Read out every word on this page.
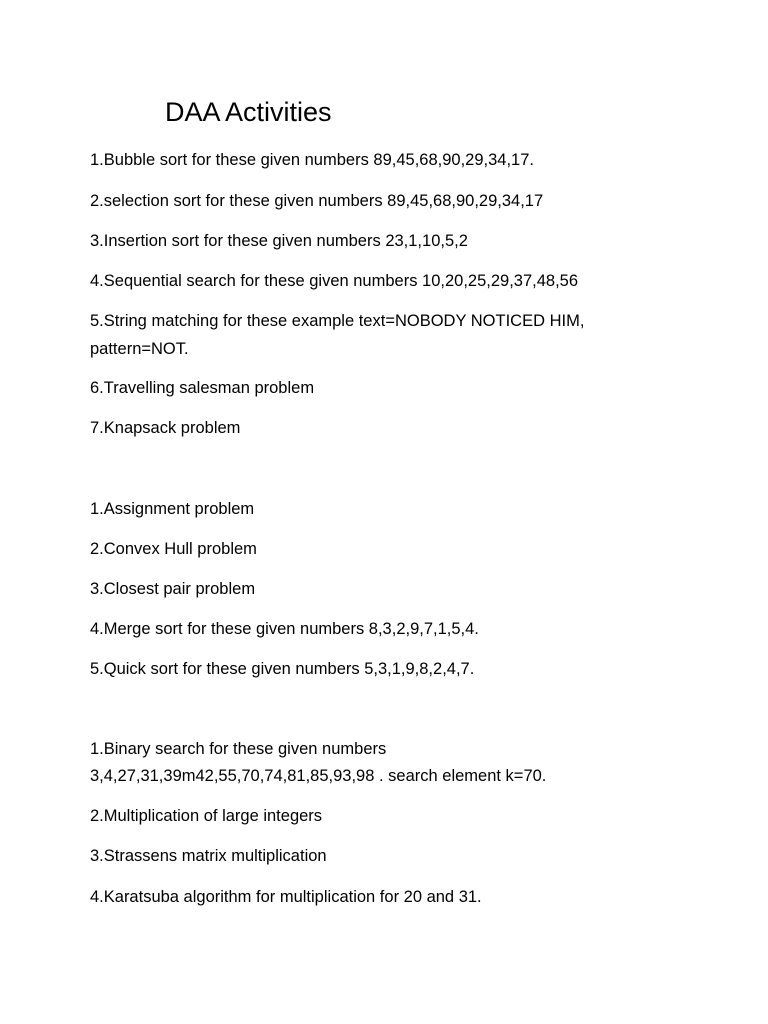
DAA Activities
1.Bubble sort for these given numbers 89,45,68,90,29,34,17.
2.selection sort for these given numbers 89,45,68,90,29,34,17
3.Insertion sort for these given numbers 23,1,10,5,2
4.Sequential search for these given numbers 10,20,25,29,37,48,56
5.String matching for these example text=NOBODY NOTICED HIM,
pattern=NOT.
6.Travelling salesman problem
7.Knapsack problem
1.Assignment problem
2.Convex Hull problem
3.Closest pair problem
4.Merge sort for these given numbers 8,3,2,9,7,1,5,4.
5.Quick sort for these given numbers 5,3,1,9,8,2,4,7.
1.Binary search for these given numbers
3,4,27,31,39m42,55,70,74,81,85,93,98 . search element k=70.
2.Multiplication of large integers
3.Strassens matrix multiplication
4.Karatsuba algorithm for multiplication for 20 and 31.
